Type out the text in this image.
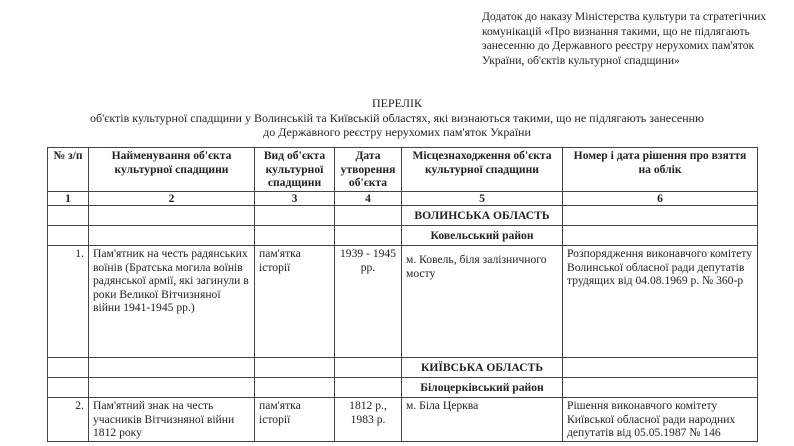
Додаток до наказу Міністерства культури та стратегічних комунікацій «Про визнання такими, що не підлягають занесенню до Державного реєстру нерухомих пам'яток України, об'єктів культурної спадщини»
ПЕРЕЛІК
об'єктів культурної спадщини у Волинській та Київській областях, які визнаються такими, що не підлягають занесенню
до Державного реєстру нерухомих пам'яток України
№ з/п	Найменування об'єкта культурної спадщини	Вид об'єкта культурної спадщини	Дата утворення об'єкта	Місцезнаходження об'єкта культурної спадщини	Номер і дата рішення про взяття на облік
1	2	3	4	5	6
				ВОЛИНСЬКА ОБЛАСТЬ	
				Ковельський район	
1.	Пам'ятник на честь радянських воїнів (Братська могила воїнів радянської армії, які загинули в роки Великої Вітчизняної війни 1941-1945 рр.)	пам'ятка історії	1939 - 1945 рр.	м. Ковель, біля залізничного мосту	Розпорядження виконавчого комітету Волинської обласної ради депутатів трудящих від 04.08.1969 р. № 360-р
				КИЇВСЬКА ОБЛАСТЬ	
				Білоцерківський район	
2.	Пам'ятний знак на честь учасників Вітчизняної війни 1812 року	пам'ятка історії	1812 р., 1983 р.	м. Біла Церква	Рішення виконавчого комітету Київської обласної ради народних депутатів від 05.05.1987 № 146
